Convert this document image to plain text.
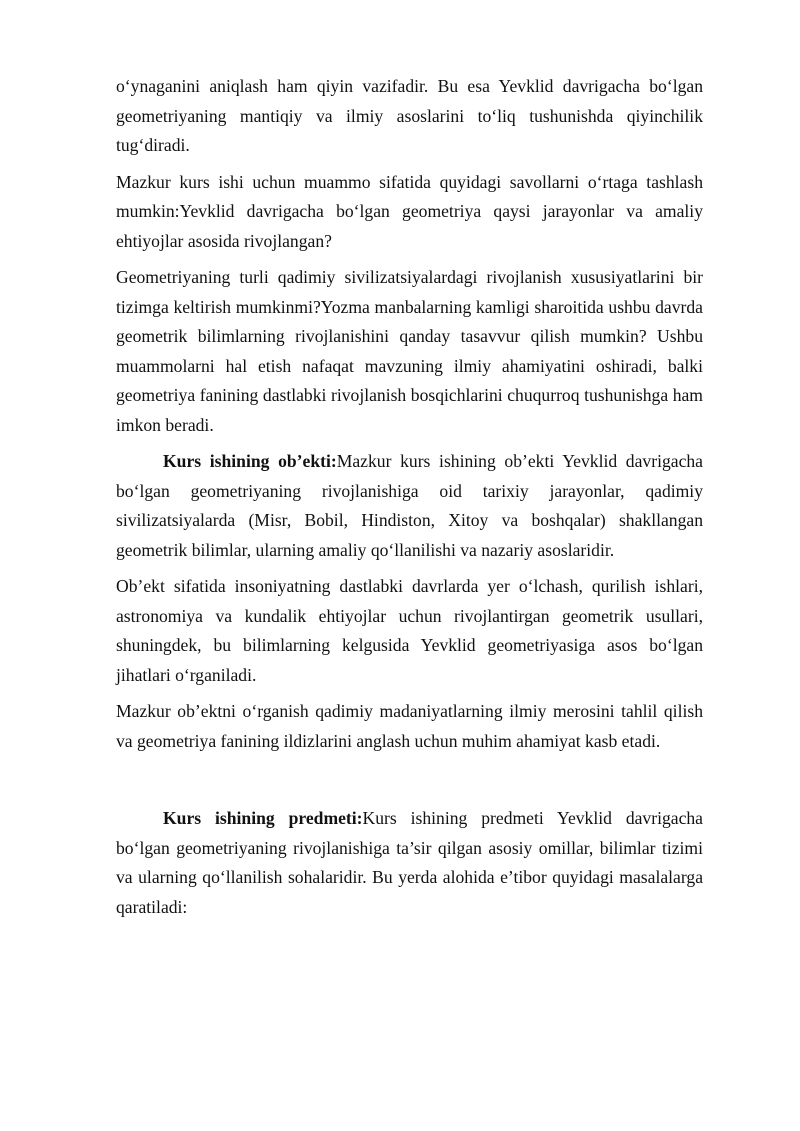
o‘ynaganini aniqlash ham qiyin vazifadir. Bu esa Yevklid davrigacha bo‘lgan geometriyaning mantiqiy va ilmiy asoslarini to‘liq tushunishda qiyinchilik tug‘diradi.

Mazkur kurs ishi uchun muammo sifatida quyidagi savollarni o‘rtaga tashlash mumkin:Yevklid davrigacha bo‘lgan geometriya qaysi jarayonlar va amaliy ehtiyojlar asosida rivojlangan?

Geometriyaning turli qadimiy sivilizatsiyalardagi rivojlanish xususiyatlarini bir tizimga keltirish mumkinmi?Yozma manbalarning kamligi sharoitida ushbu davrda geometrik bilimlarning rivojlanishini qanday tasavvur qilish mumkin? Ushbu muammolarni hal etish nafaqat mavzuning ilmiy ahamiyatini oshiradi, balki geometriya fanining dastlabki rivojlanish bosqichlarini chuqurroq tushunishga ham imkon beradi.

Kurs ishining ob’ekti:Mazkur kurs ishining ob’ekti Yevklid davrigacha bo‘lgan geometriyaning rivojlanishiga oid tarixiy jarayonlar, qadimiy sivilizatsiyalarda (Misr, Bobil, Hindiston, Xitoy va boshqalar) shakllangan geometrik bilimlar, ularning amaliy qo‘llanilishi va nazariy asoslaridir.

Ob’ekt sifatida insoniyatning dastlabki davrlarda yer o‘lchash, qurilish ishlari, astronomiya va kundalik ehtiyojlar uchun rivojlantirgan geometrik usullari, shuningdek, bu bilimlarning kelgusida Yevklid geometriyasiga asos bo‘lgan jihatlari o‘rganiladi.

Mazkur ob’ektni o‘rganish qadimiy madaniyatlarning ilmiy merosini tahlil qilish va geometriya fanining ildizlarini anglash uchun muhim ahamiyat kasb etadi.

Kurs ishining predmeti:Kurs ishining predmeti Yevklid davrigacha bo‘lgan geometriyaning rivojlanishiga ta’sir qilgan asosiy omillar, bilimlar tizimi va ularning qo‘llanilish sohalaridir. Bu yerda alohida e’tibor quyidagi masalalarga qaratiladi:
